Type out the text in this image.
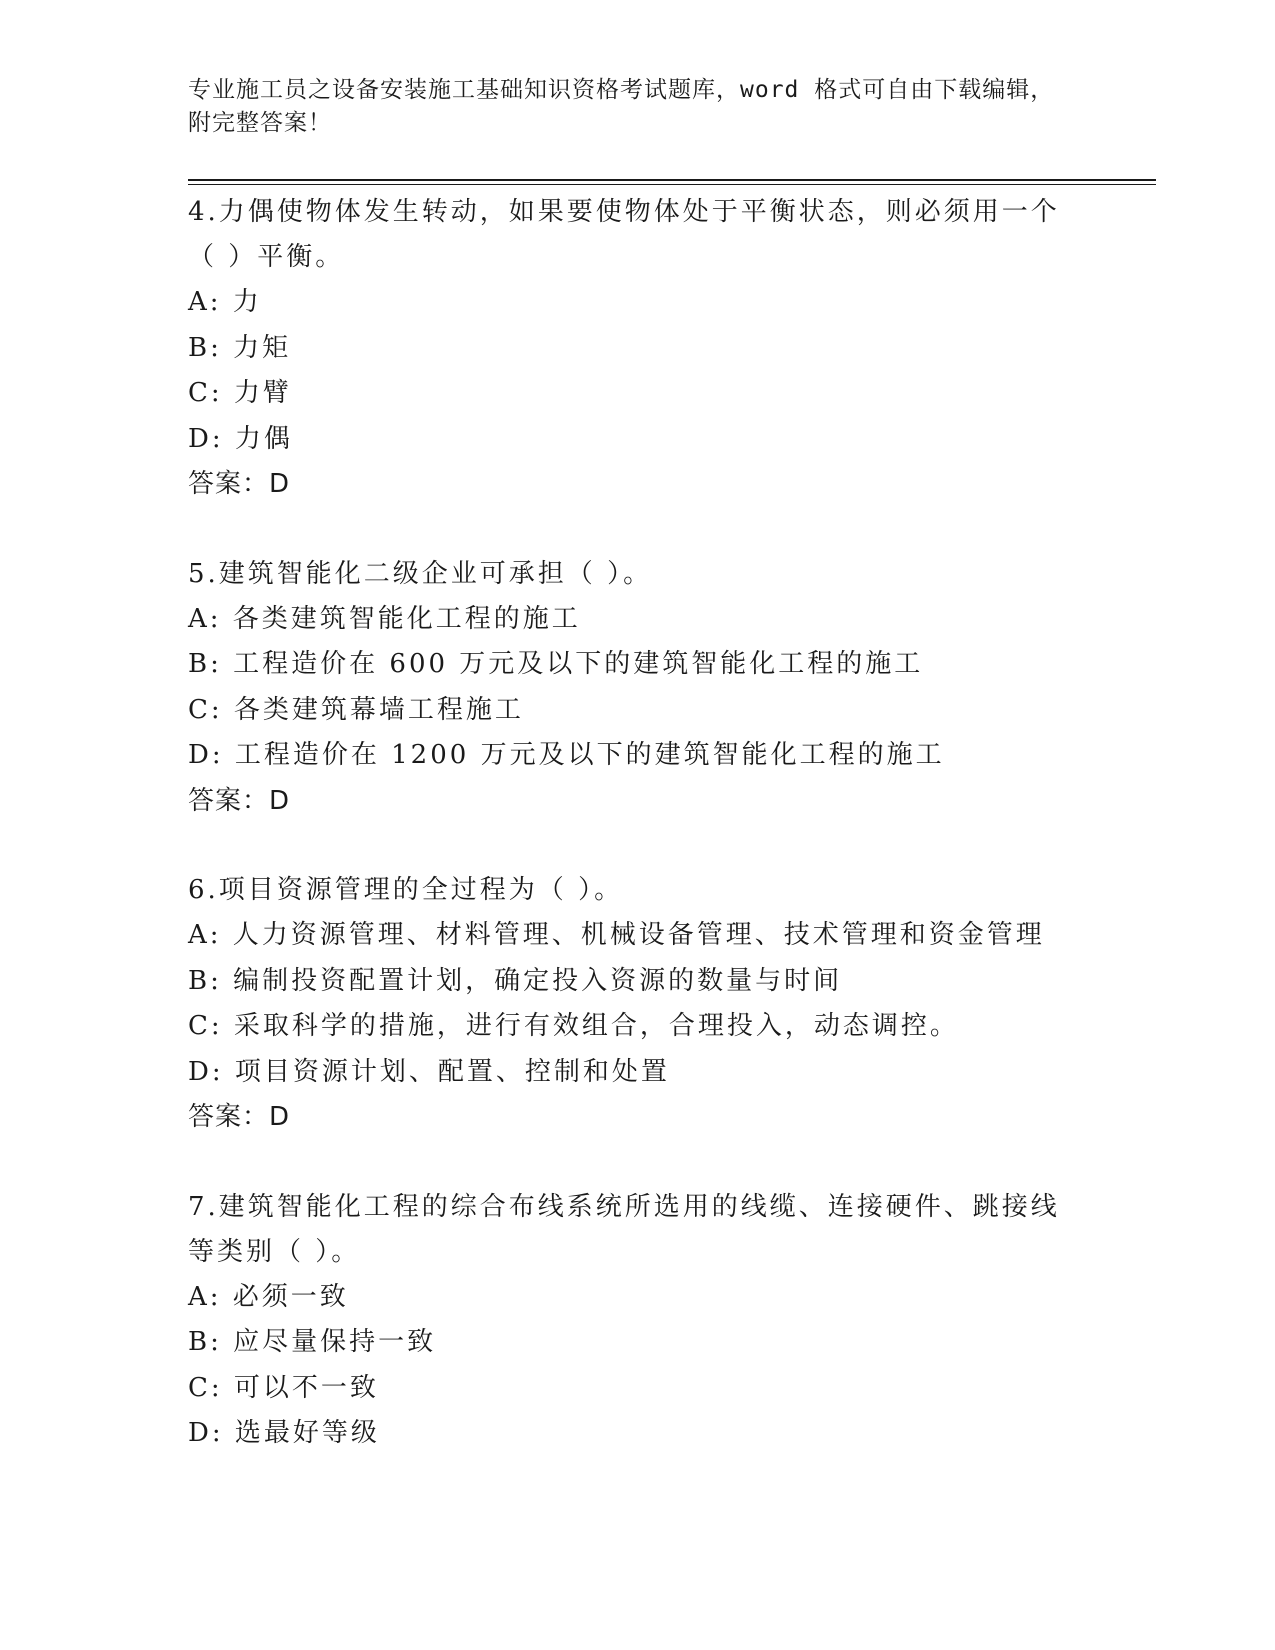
专业施工员之设备安装施工基础知识资格考试题库，word 格式可自由下载编辑，
附完整答案！
4.力偶使物体发生转动，如果要使物体处于平衡状态，则必须用一个
（ ）平衡。
A: 力
B: 力矩
C: 力臂
D: 力偶
答案：D
5.建筑智能化二级企业可承担（ ）。
A: 各类建筑智能化工程的施工
B: 工程造价在 600 万元及以下的建筑智能化工程的施工
C: 各类建筑幕墙工程施工
D: 工程造价在 1200 万元及以下的建筑智能化工程的施工
答案：D
6.项目资源管理的全过程为（ ）。
A: 人力资源管理、材料管理、机械设备管理、技术管理和资金管理
B: 编制投资配置计划，确定投入资源的数量与时间
C: 采取科学的措施，进行有效组合，合理投入，动态调控。
D: 项目资源计划、配置、控制和处置
答案：D
7.建筑智能化工程的综合布线系统所选用的线缆、连接硬件、跳接线
等类别（ ）。
A: 必须一致
B: 应尽量保持一致
C: 可以不一致
D: 选最好等级
